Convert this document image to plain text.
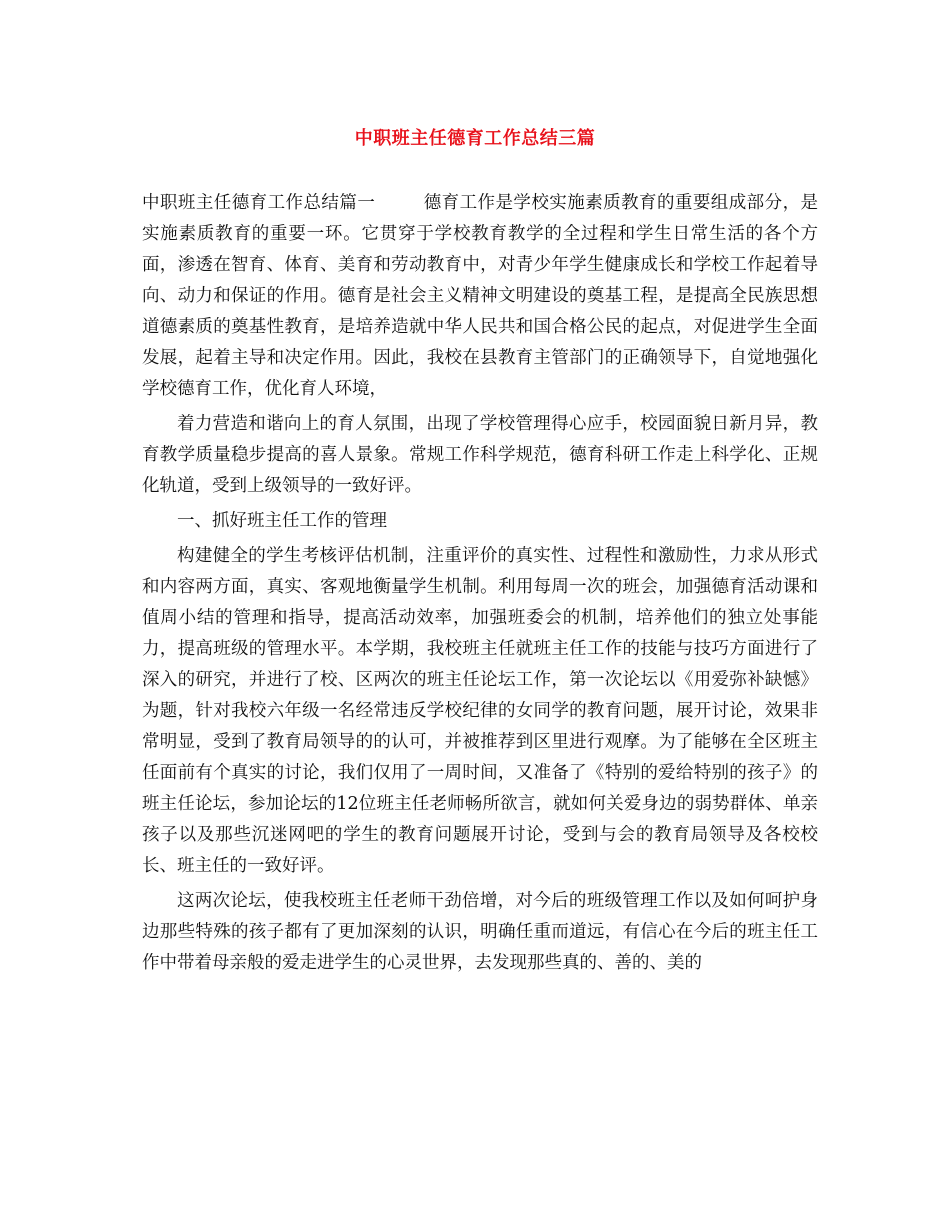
中职班主任德育工作总结三篇

中职班主任德育工作总结篇一	德育工作是学校实施素质教育的重要组成部分，是实施素质教育的重要一环。它贯穿于学校教育教学的全过程和学生日常生活的各个方面，渗透在智育、体育、美育和劳动教育中，对青少年学生健康成长和学校工作起着导向、动力和保证的作用。德育是社会主义精神文明建设的奠基工程，是提高全民族思想道德素质的奠基性教育，是培养造就中华人民共和国合格公民的起点，对促进学生全面发展，起着主导和决定作用。因此，我校在县教育主管部门的正确领导下，自觉地强化学校德育工作，优化育人环境，

着力营造和谐向上的育人氛围，出现了学校管理得心应手，校园面貌日新月异，教育教学质量稳步提高的喜人景象。常规工作科学规范，德育科研工作走上科学化、正规化轨道，受到上级领导的一致好评。

一、抓好班主任工作的管理

构建健全的学生考核评估机制，注重评价的真实性、过程性和激励性，力求从形式和内容两方面，真实、客观地衡量学生机制。利用每周一次的班会，加强德育活动课和值周小结的管理和指导，提高活动效率，加强班委会的机制，培养他们的独立处事能力，提高班级的管理水平。本学期，我校班主任就班主任工作的技能与技巧方面进行了深入的研究，并进行了校、区两次的班主任论坛工作，第一次论坛以《用爱弥补缺憾》为题，针对我校六年级一名经常违反学校纪律的女同学的教育问题，展开讨论，效果非常明显，受到了教育局领导的的认可，并被推荐到区里进行观摩。为了能够在全区班主任面前有个真实的讨论，我们仅用了一周时间，又准备了《特别的爱给特别的孩子》的班主任论坛，参加论坛的12位班主任老师畅所欲言，就如何关爱身边的弱势群体、单亲孩子以及那些沉迷网吧的学生的教育问题展开讨论，受到与会的教育局领导及各校校长、班主任的一致好评。

这两次论坛，使我校班主任老师干劲倍增，对今后的班级管理工作以及如何呵护身边那些特殊的孩子都有了更加深刻的认识，明确任重而道远，有信心在今后的班主任工作中带着母亲般的爱走进学生的心灵世界，去发现那些真的、善的、美的
